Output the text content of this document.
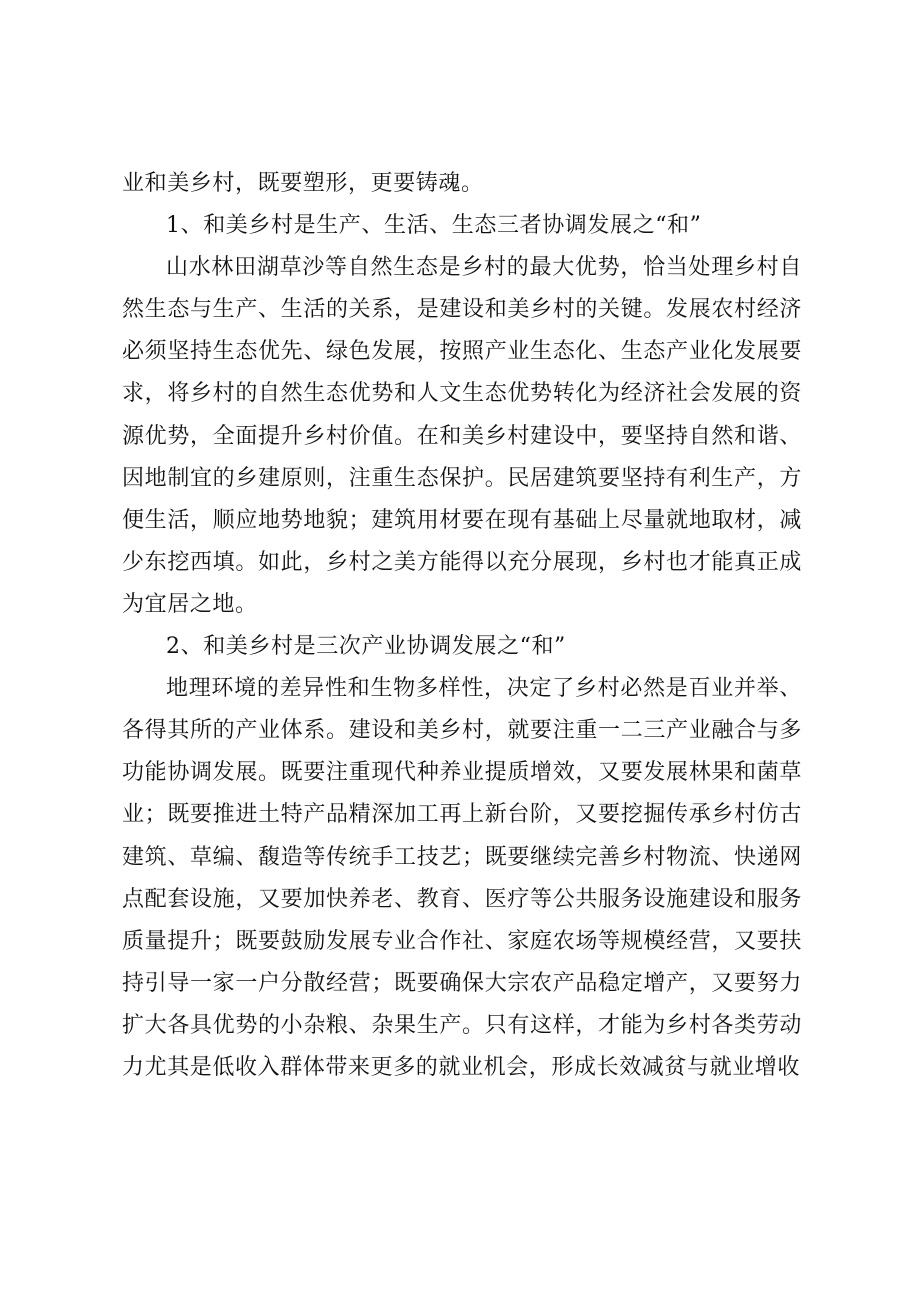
业和美乡村，既要塑形，更要铸魂。

1、和美乡村是生产、生活、生态三者协调发展之“和”

山水林田湖草沙等自然生态是乡村的最大优势，恰当处理乡村自然生态与生产、生活的关系，是建设和美乡村的关键。发展农村经济必须坚持生态优先、绿色发展，按照产业生态化、生态产业化发展要求，将乡村的自然生态优势和人文生态优势转化为经济社会发展的资源优势，全面提升乡村价值。在和美乡村建设中，要坚持自然和谐、因地制宜的乡建原则，注重生态保护。民居建筑要坚持有利生产，方便生活，顺应地势地貌；建筑用材要在现有基础上尽量就地取材，减少东挖西填。如此，乡村之美方能得以充分展现，乡村也才能真正成为宜居之地。

2、和美乡村是三次产业协调发展之“和”

地理环境的差异性和生物多样性，决定了乡村必然是百业并举、各得其所的产业体系。建设和美乡村，就要注重一二三产业融合与多功能协调发展。既要注重现代种养业提质增效，又要发展林果和菌草业；既要推进土特产品精深加工再上新台阶，又要挖掘传承乡村仿古建筑、草编、馥造等传统手工技艺；既要继续完善乡村物流、快递网点配套设施，又要加快养老、教育、医疗等公共服务设施建设和服务质量提升；既要鼓励发展专业合作社、家庭农场等规模经营，又要扶持引导一家一户分散经营；既要确保大宗农产品稳定增产，又要努力扩大各具优势的小杂粮、杂果生产。只有这样，才能为乡村各类劳动力尤其是低收入群体带来更多的就业机会，形成长效减贫与就业增收
